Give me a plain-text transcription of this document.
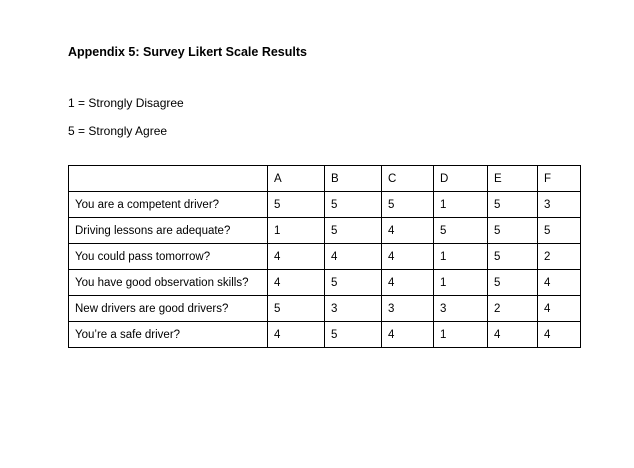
Appendix 5: Survey Likert Scale Results
1 = Strongly Disagree
5 = Strongly Agree
	A	B	C	D	E	F
You are a competent driver?	5	5	5	1	5	3
Driving lessons are adequate?	1	5	4	5	5	5
You could pass tomorrow?	4	4	4	1	5	2
You have good observation skills?	4	5	4	1	5	4
New drivers are good drivers?	5	3	3	3	2	4
You’re a safe driver?	4	5	4	1	4	4
